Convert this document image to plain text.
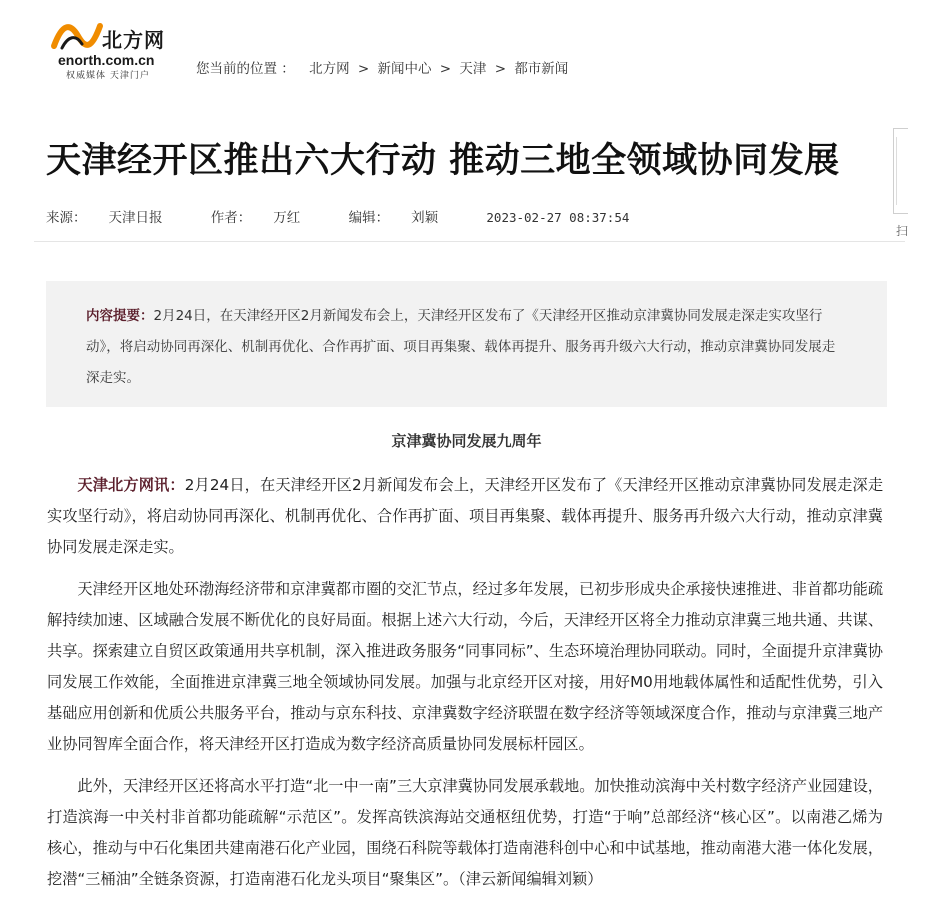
北方网
enorth.com.cn
权威媒体 天津门户	您当前的位置 ： 北方网 > 新闻中心 > 天津 > 都市新闻
扫
天津经开区推出六大行动 推动三地全领域协同发展
来源： 天津日报	作者： 万红	编辑： 刘颖	2023-02-27 08:37:54
内容提要：2月24日，在天津经开区2月新闻发布会上，天津经开区发布了《天津经开区推动京津冀协同发展走深走实攻坚行动》，将启动协同再深化、机制再优化、合作再扩面、项目再集聚、载体再提升、服务再升级六大行动，推动京津冀协同发展走深走实。
京津冀协同发展九周年

天津北方网讯：2月24日，在天津经开区2月新闻发布会上，天津经开区发布了《天津经开区推动京津冀协同发展走深走实攻坚行动》，将启动协同再深化、机制再优化、合作再扩面、项目再集聚、载体再提升、服务再升级六大行动，推动京津冀协同发展走深走实。

天津经开区地处环渤海经济带和京津冀都市圈的交汇节点，经过多年发展，已初步形成央企承接快速推进、非首都功能疏解持续加速、区域融合发展不断优化的良好局面。根据上述六大行动，今后，天津经开区将全力推动京津冀三地共通、共谋、共享。探索建立自贸区政策通用共享机制，深入推进政务服务“同事同标”、生态环境治理协同联动。同时，全面提升京津冀协同发展工作效能，全面推进京津冀三地全领域协同发展。加强与北京经开区对接，用好M0用地载体属性和适配性优势，引入基础应用创新和优质公共服务平台，推动与京东科技、京津冀数字经济联盟在数字经济等领域深度合作，推动与京津冀三地产业协同智库全面合作，将天津经开区打造成为数字经济高质量协同发展标杆园区。

此外，天津经开区还将高水平打造“北一中一南”三大京津冀协同发展承载地。加快推动滨海中关村数字经济产业园建设，打造滨海一中关村非首都功能疏解“示范区”。发挥高铁滨海站交通枢纽优势，打造“于响”总部经济“核心区”。以南港乙烯为核心，推动与中石化集团共建南港石化产业园，围绕石科院等载体打造南港科创中心和中试基地，推动南港大港一体化发展，挖潜“三桶油”全链条资源，打造南港石化龙头项目“聚集区”。（津云新闻编辑刘颖）
